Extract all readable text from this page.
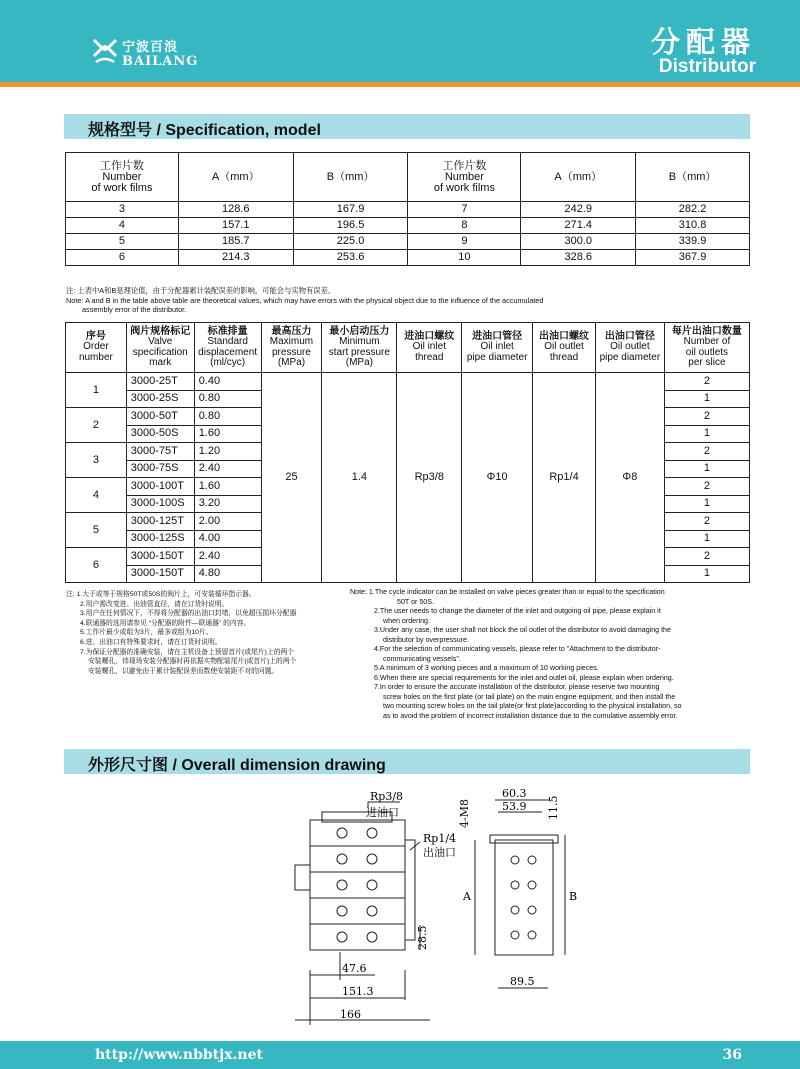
宁波百浪
BAILANG
分配器
Distributor
规格型号 / Specification, model
工作片数
Number
of work films	A（mm）	B（mm）	工作片数
Number
of work films	A（mm）	B（mm）
3	128.6	167.9	7	242.9	282.2
4	157.1	196.5	8	271.4	310.8
5	185.7	225.0	9	300.0	339.9
6	214.3	253.6	10	328.6	367.9
注: 上表中A和B是理论值，由于分配器累计装配误差的影响，可能会与实物有误差。
Note: A and B in the table above table are theoretical values, which may have errors with the physical object due to the influence of the accumulated
assembly error of the distributor.
序号
Order
number	阀片规格标记
Valve
specification
mark	标准排量
Standard
displacement
(ml/cyc)	最高压力
Maximum
pressure
(MPa)	最小启动压力
Minimum
start pressure
(MPa)	进油口螺纹
Oil inlet
thread	进油口管径
Oil inlet
pipe diameter	出油口螺纹
Oil outlet
thread	出油口管径
Oil outlet
pipe diameter	每片出油口数量
Number of
oil outlets
per slice
1	3000-25T	0.40	25	1.4	Rp3/8	Φ10	Rp1/4	Φ8	2
	3000-25S	0.80							1
2	3000-50T	0.80							2
	3000-50S	1.60							1
3	3000-75T	1.20							2
	3000-75S	2.40							1
4	3000-100T	1.60							2
	3000-100S	3.20							1
5	3000-125T	2.00							2
	3000-125S	4.00							1
6	3000-150T	2.40							2
	3000-150T	4.80							1
注: 1.大于或等于规格50T或50S的阀片上，可安装循环指示器。
2.用户需改变进、出油管直径，请在订货时说明。
3.用户在任何情况下，不得将分配器的出油口封堵，以免超压损坏分配器
4.联通器的选用请参见 “分配器的附件—联通器” 的内容。
5.工作片最少或组为3片，最多或组为10片。
6.进、出油口有特殊要求时，请在订货时说明。
7.为保证分配器的准确安装，请在主机设备上预留首片(或尾片)上的两个
安装螺孔，待现场安装分配器时再依据实物配装尾片(或首片)上的两个
安装螺孔，以避免由于累计装配误差而数使安装距不对的问题。
Note: 1.The cycle indicator can be installed on valve pieces greater than or equal to the specification
50T or 50S.
2.The user needs to change the diameter of the inlet and outgoing oil pipe, please explain it
when ordering.
3.Under any case, the user shall not block the oil outlet of the distributor to avoid damaging the
distributor by overpressure.
4.For the selection of communicating vessels, please refer to "Attachment to the distributor-
communicating vessels".
5.A minimum of 3 working pieces and a maximum of 10 working pieces.
6.When there are special requirements for the inlet and outlet oil, please explain when ordering.
7.In order to ensure the accurate installation of the distributor, please reserve two mounting
screw holes on the first plate (or tail plate) on the main engine equipment, and then install the
two mounting screw holes on the tail plate(or first plate)according to the physical installation, so
as to avoid the problem of incorrect installation distance due to the cumulative assembly error.
外形尺寸图 / Overall dimension drawing
Rp3/8
进油口
Rp1/4
出油口
47.6
151.3
166
28.5
60.3
53.9 11.5
4-M8
89.5
A	B
http://www.nbbtjx.net	36
